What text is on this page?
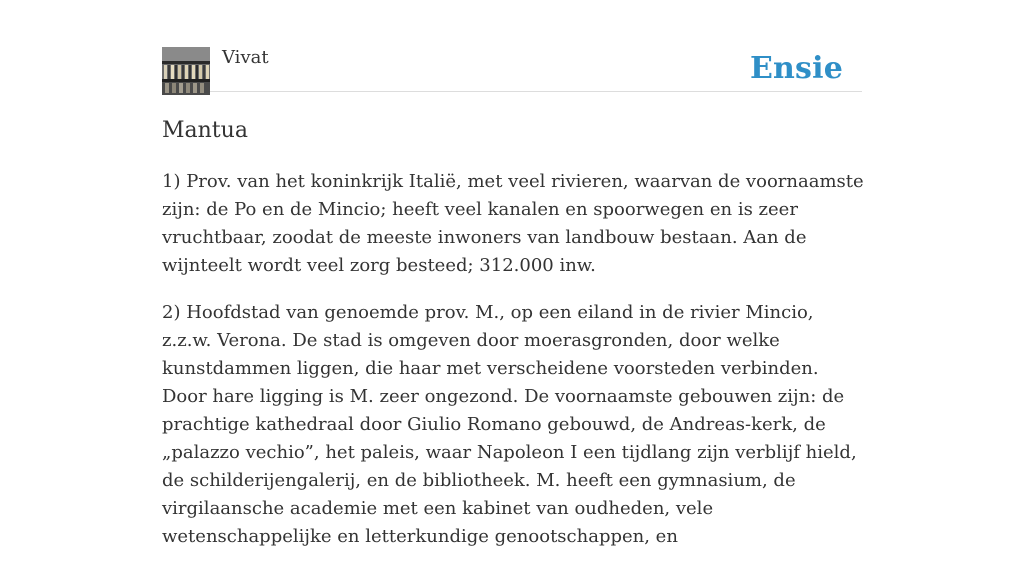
Vivat	Ensie
Mantua

1) Prov. van het koninkrijk Italië, met veel rivieren, waarvan de voornaamste zijn: de Po en de Mincio; heeft veel kanalen en spoorwegen en is zeer vruchtbaar, zoodat de meeste inwoners van landbouw bestaan. Aan de wijnteelt wordt veel zorg besteed; 312.000 inw.

2) Hoofdstad van genoemde prov. M., op een eiland in de rivier Mincio, z.z.w. Verona. De stad is omgeven door moerasgronden, door welke kunstdammen liggen, die haar met verscheidene voorsteden verbinden. Door hare ligging is M. zeer ongezond. De voornaamste gebouwen zijn: de prachtige kathedraal door Giulio Romano gebouwd, de Andreas-kerk, de „palazzo vechio”, het paleis, waar Napoleon I een tijdlang zijn verblijf hield, de schilderijengalerij, en de bibliotheek. M. heeft een gymnasium, de virgilaansche academie met een kabinet van oudheden, vele wetenschappelijke en letterkundige genootschappen, en
